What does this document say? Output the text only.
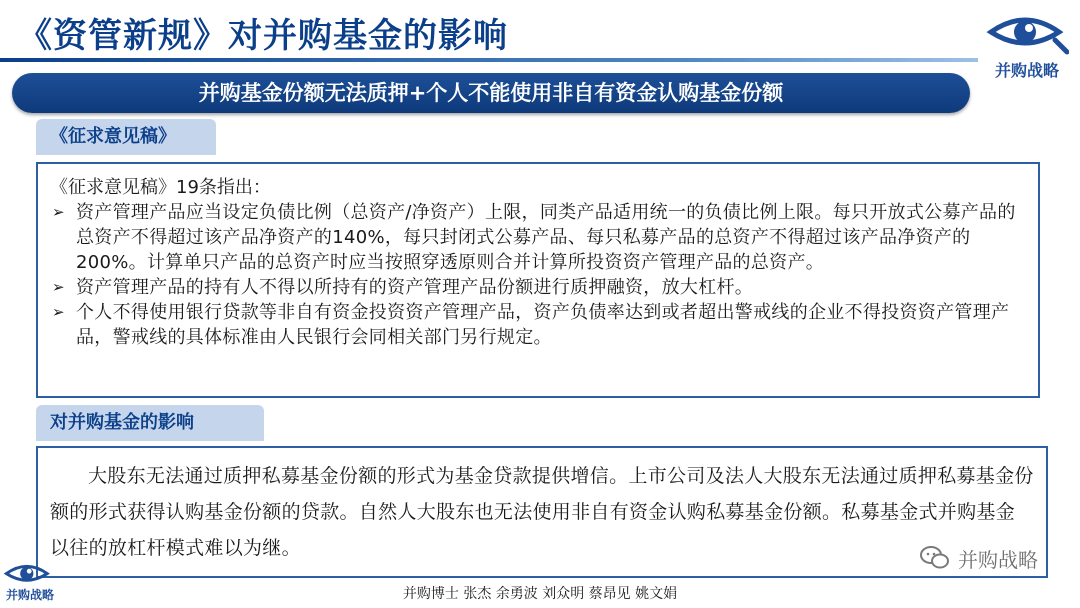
《资管新规》对并购基金的影响
并购战略
并购基金份额无法质押+个人不能使用非自有资金认购基金份额
《征求意见稿》
《征求意见稿》19条指出：
➢ 资产管理产品应当设定负债比例（总资产/净资产）上限，同类产品适用统一的负债比例上限。每只开放式公募产品的总资产不得超过该产品净资产的140%，每只封闭式公募产品、每只私募产品的总资产不得超过该产品净资产的200%。计算单只产品的总资产时应当按照穿透原则合并计算所投资资产管理产品的总资产。
➢ 资产管理产品的持有人不得以所持有的资产管理产品份额进行质押融资，放大杠杆。
➢ 个人不得使用银行贷款等非自有资金投资资产管理产品，资产负债率达到或者超出警戒线的企业不得投资资产管理产品，警戒线的具体标准由人民银行会同相关部门另行规定。
对并购基金的影响
大股东无法通过质押私募基金份额的形式为基金贷款提供增信。上市公司及法人大股东无法通过质押私募基金份额的形式获得认购基金份额的贷款。自然人大股东也无法使用非自有资金认购私募基金份额。私募基金式并购基金以往的放杠杆模式难以为继。
并购战略
并购战略
并购博士 张杰 余勇波 刘众明 蔡昂见 姚文娟
